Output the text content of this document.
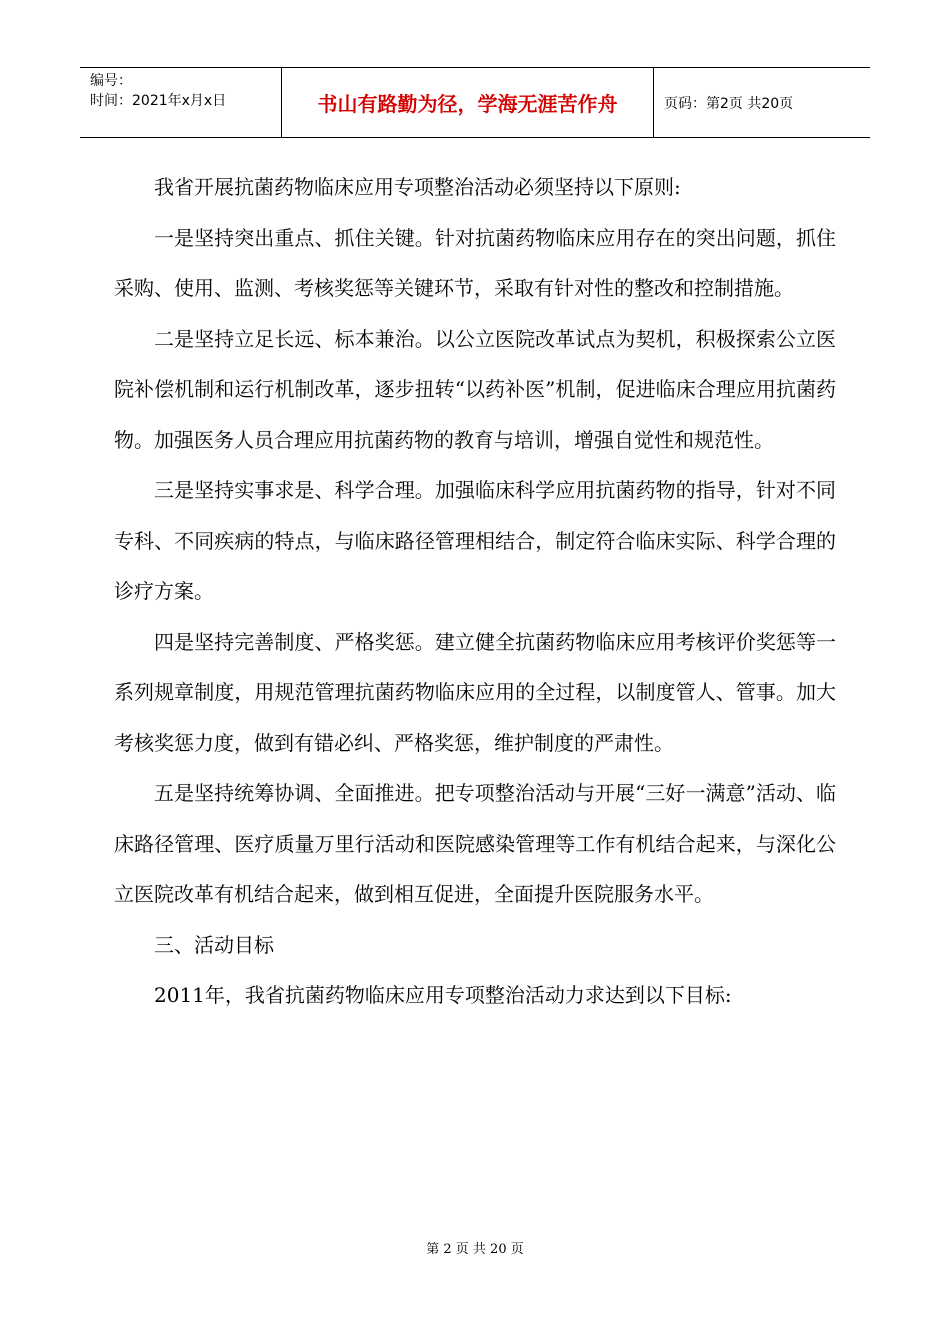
编号：
时间：2021年x月x日	书山有路勤为径，学海无涯苦作舟	页码：第2页 共20页

我省开展抗菌药物临床应用专项整治活动必须坚持以下原则:

一是坚持突出重点、抓住关键。针对抗菌药物临床应用存在的突出问题，抓住采购、使用、监测、考核奖惩等关键环节，采取有针对性的整改和控制措施。

二是坚持立足长远、标本兼治。以公立医院改革试点为契机，积极探索公立医院补偿机制和运行机制改革，逐步扭转“以药补医”机制，促进临床合理应用抗菌药物。加强医务人员合理应用抗菌药物的教育与培训，增强自觉性和规范性。

三是坚持实事求是、科学合理。加强临床科学应用抗菌药物的指导，针对不同专科、不同疾病的特点，与临床路径管理相结合，制定符合临床实际、科学合理的诊疗方案。

四是坚持完善制度、严格奖惩。建立健全抗菌药物临床应用考核评价奖惩等一系列规章制度，用规范管理抗菌药物临床应用的全过程，以制度管人、管事。加大考核奖惩力度，做到有错必纠、严格奖惩，维护制度的严肃性。

五是坚持统筹协调、全面推进。把专项整治活动与开展“三好一满意”活动、临床路径管理、医疗质量万里行活动和医院感染管理等工作有机结合起来，与深化公立医院改革有机结合起来，做到相互促进，全面提升医院服务水平。

三、活动目标

2011年，我省抗菌药物临床应用专项整治活动力求达到以下目标:

第 2 页 共 20 页
